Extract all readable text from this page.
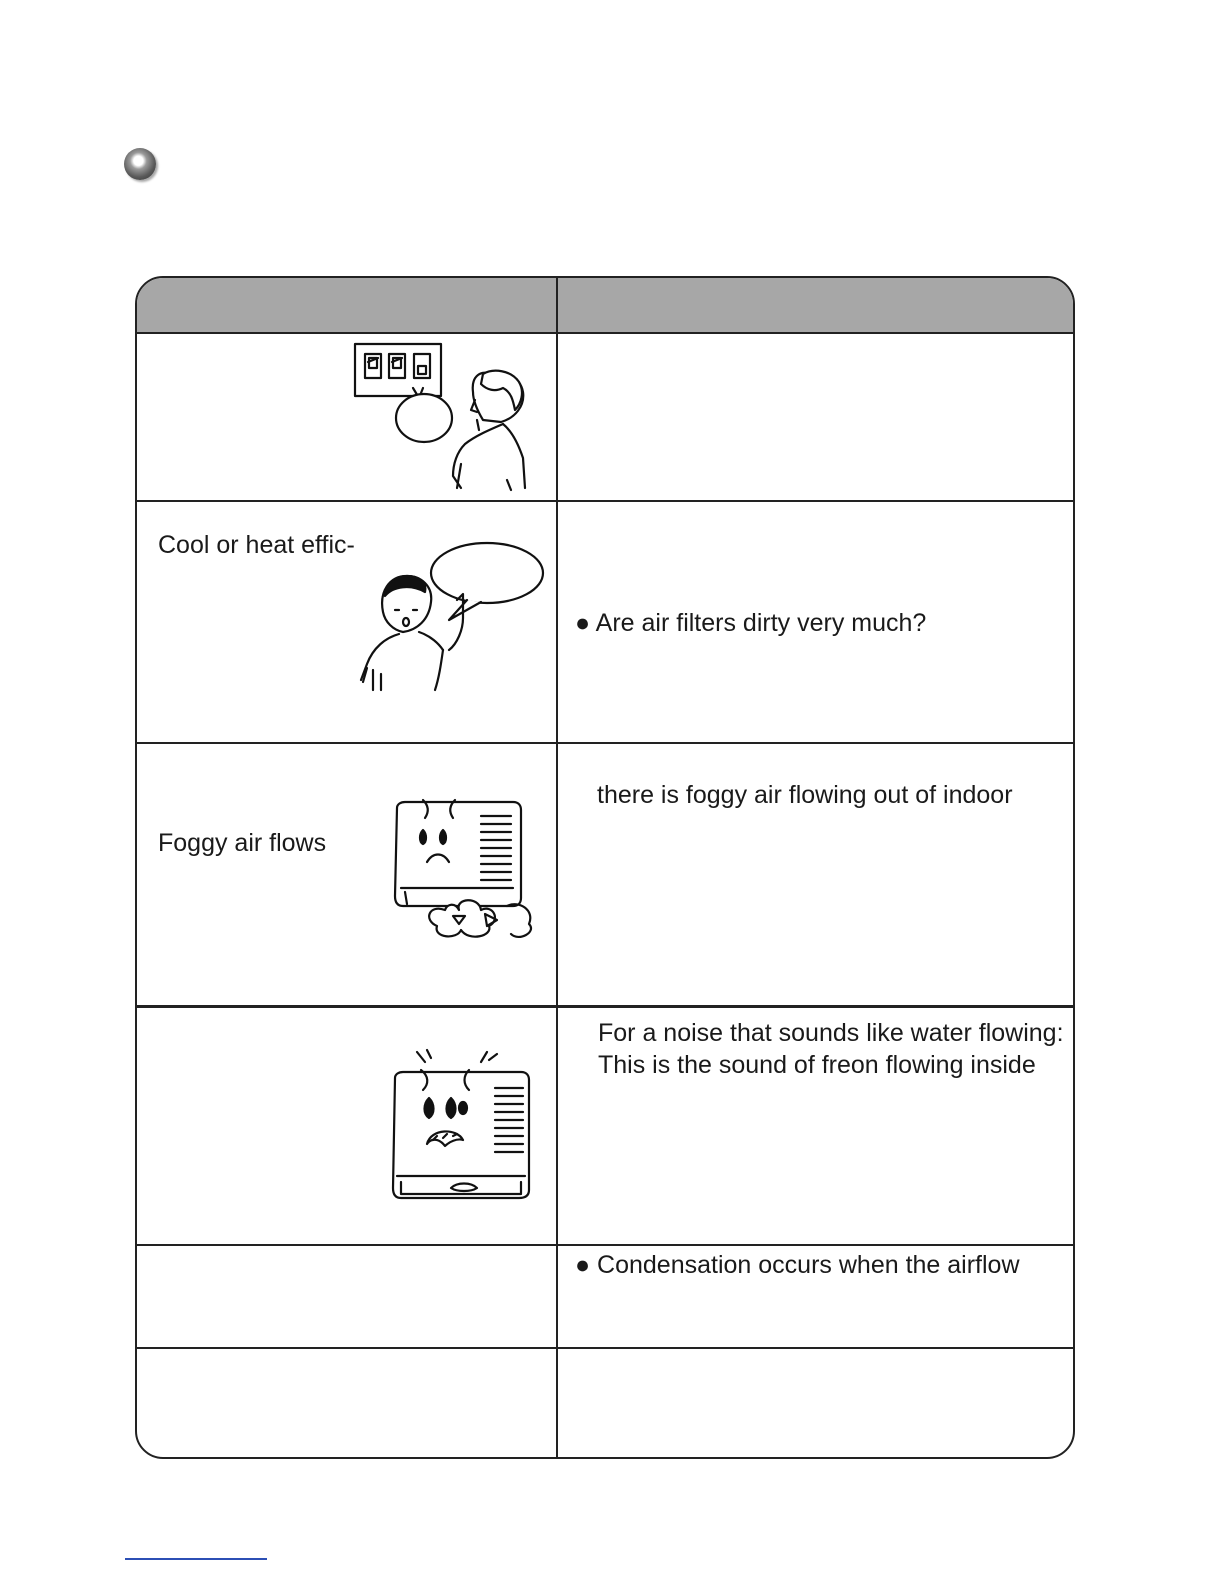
Cool or heat effic-
● Are air filters dirty very much?
Foggy air flows
there is foggy air flowing out of indoor
For a noise that sounds like water flowing:
This is the sound of freon flowing inside
● Condensation occurs when the airflow
